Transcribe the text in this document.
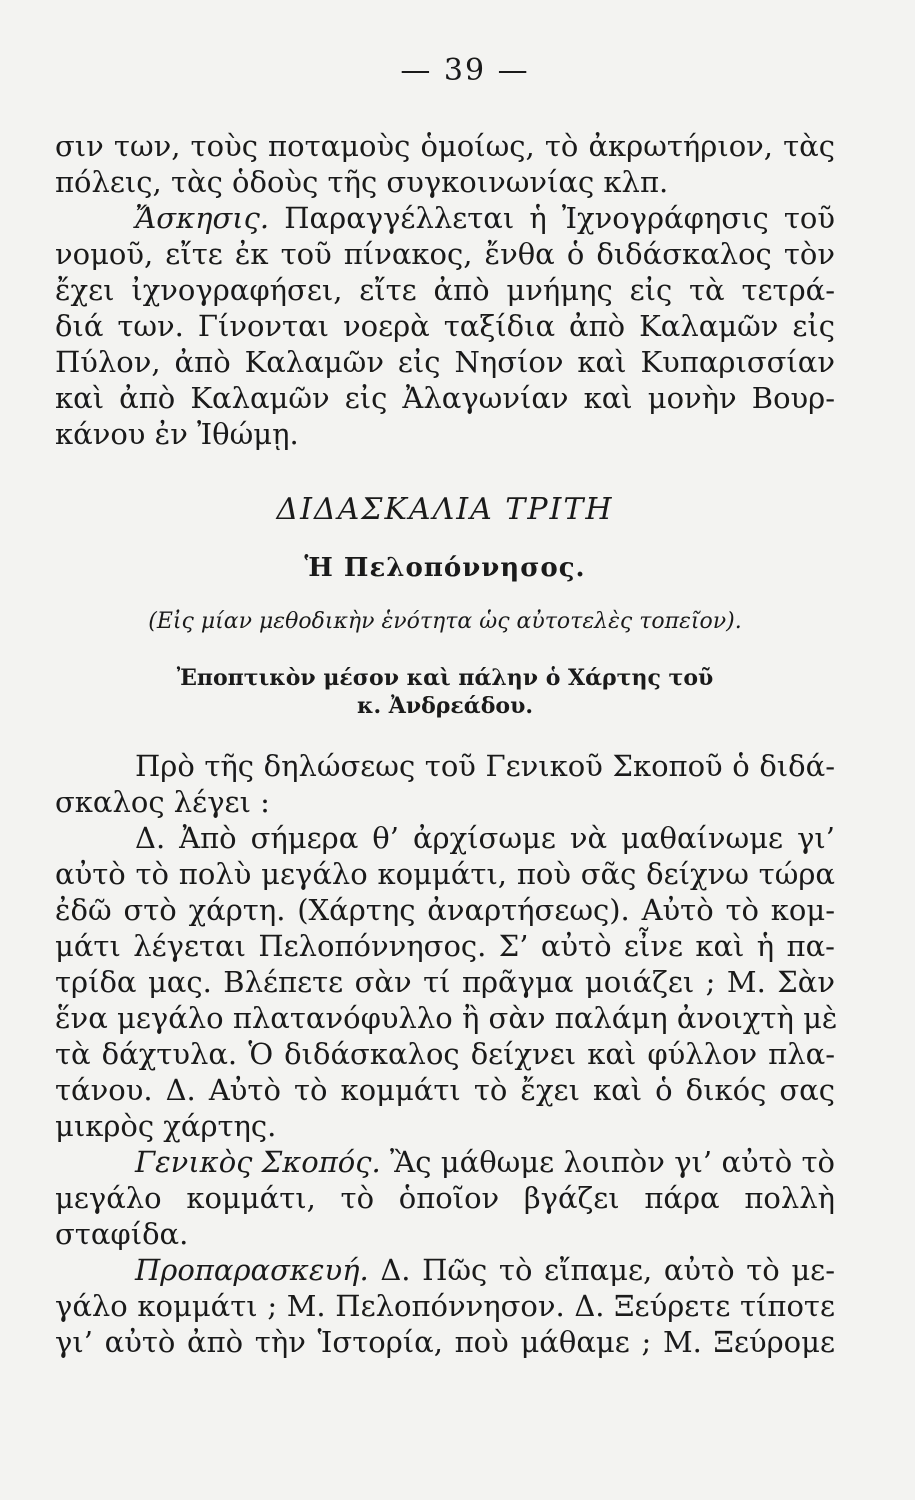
— 39 —
σιν των, τοὺς ποταμοὺς ὁμοίως, τὸ ἀκρωτήριον, τὰς
πόλεις, τὰς ὁδοὺς τῆς συγκοινωνίας κλπ.
Ἄσκησις. Παραγγέλλεται ἡ Ἰχνογράφησις τοῦ
νομοῦ, εἴτε ἐκ τοῦ πίνακος, ἔνθα ὁ διδάσκαλος τὸν
ἔχει ἰχνογραφήσει, εἴτε ἀπὸ μνήμης εἰς τὰ τετρά-
διά των. Γίνονται νοερὰ ταξίδια ἀπὸ Καλαμῶν εἰς
Πύλον, ἀπὸ Καλαμῶν εἰς Νησίον καὶ Κυπαρισσίαν
καὶ ἀπὸ Καλαμῶν εἰς Ἀλαγωνίαν καὶ μονὴν Βουρ-
κάνου ἐν Ἰθώμῃ.
ΔΙΔΑΣΚΑΛΙΑ ΤΡΙΤΗ
Ἡ Πελοπόννησος.
(Εἰς μίαν μεθοδικὴν ἑνότητα ὡς αὐτοτελὲς τοπεῖον).
Ἐποπτικὸν μέσον καὶ πάλην ὁ Χάρτης τοῦ
κ. Ἀνδρεάδου.
Πρὸ τῆς δηλώσεως τοῦ Γενικοῦ Σκοποῦ ὁ διδά-
σκαλος λέγει :
Δ. Ἀπὸ σήμερα θ’ ἀρχίσωμε νὰ μαθαίνωμε γι’
αὐτὸ τὸ πολὺ μεγάλο κομμάτι, ποὺ σᾶς δείχνω τώρα
ἐδῶ στὸ χάρτη. (Χάρτης ἀναρτήσεως). Αὐτὸ τὸ κομ-
μάτι λέγεται Πελοπόννησος. Σ’ αὐτὸ εἶνε καὶ ἡ πα-
τρίδα μας. Βλέπετε σὰν τί πρᾶγμα μοιάζει ; Μ. Σὰν
ἕνα μεγάλο πλατανόφυλλο ἢ σὰν παλάμη ἀνοιχτὴ μὲ
τὰ δάχτυλα. Ὁ διδάσκαλος δείχνει καὶ φύλλον πλα-
τάνου. Δ. Αὐτὸ τὸ κομμάτι τὸ ἔχει καὶ ὁ δικός σας
μικρὸς χάρτης.
Γενικὸς Σκοπός. Ἂς μάθωμε λοιπὸν γι’ αὐτὸ τὸ
μεγάλο κομμάτι, τὸ ὁποῖον βγάζει πάρα πολλὴ
σταφίδα.
Προπαρασκευή. Δ. Πῶς τὸ εἴπαμε, αὐτὸ τὸ με-
γάλο κομμάτι ; Μ. Πελοπόννησον. Δ. Ξεύρετε τίποτε
γι’ αὐτὸ ἀπὸ τὴν Ἱστορία, ποὺ μάθαμε ; Μ. Ξεύρομε
